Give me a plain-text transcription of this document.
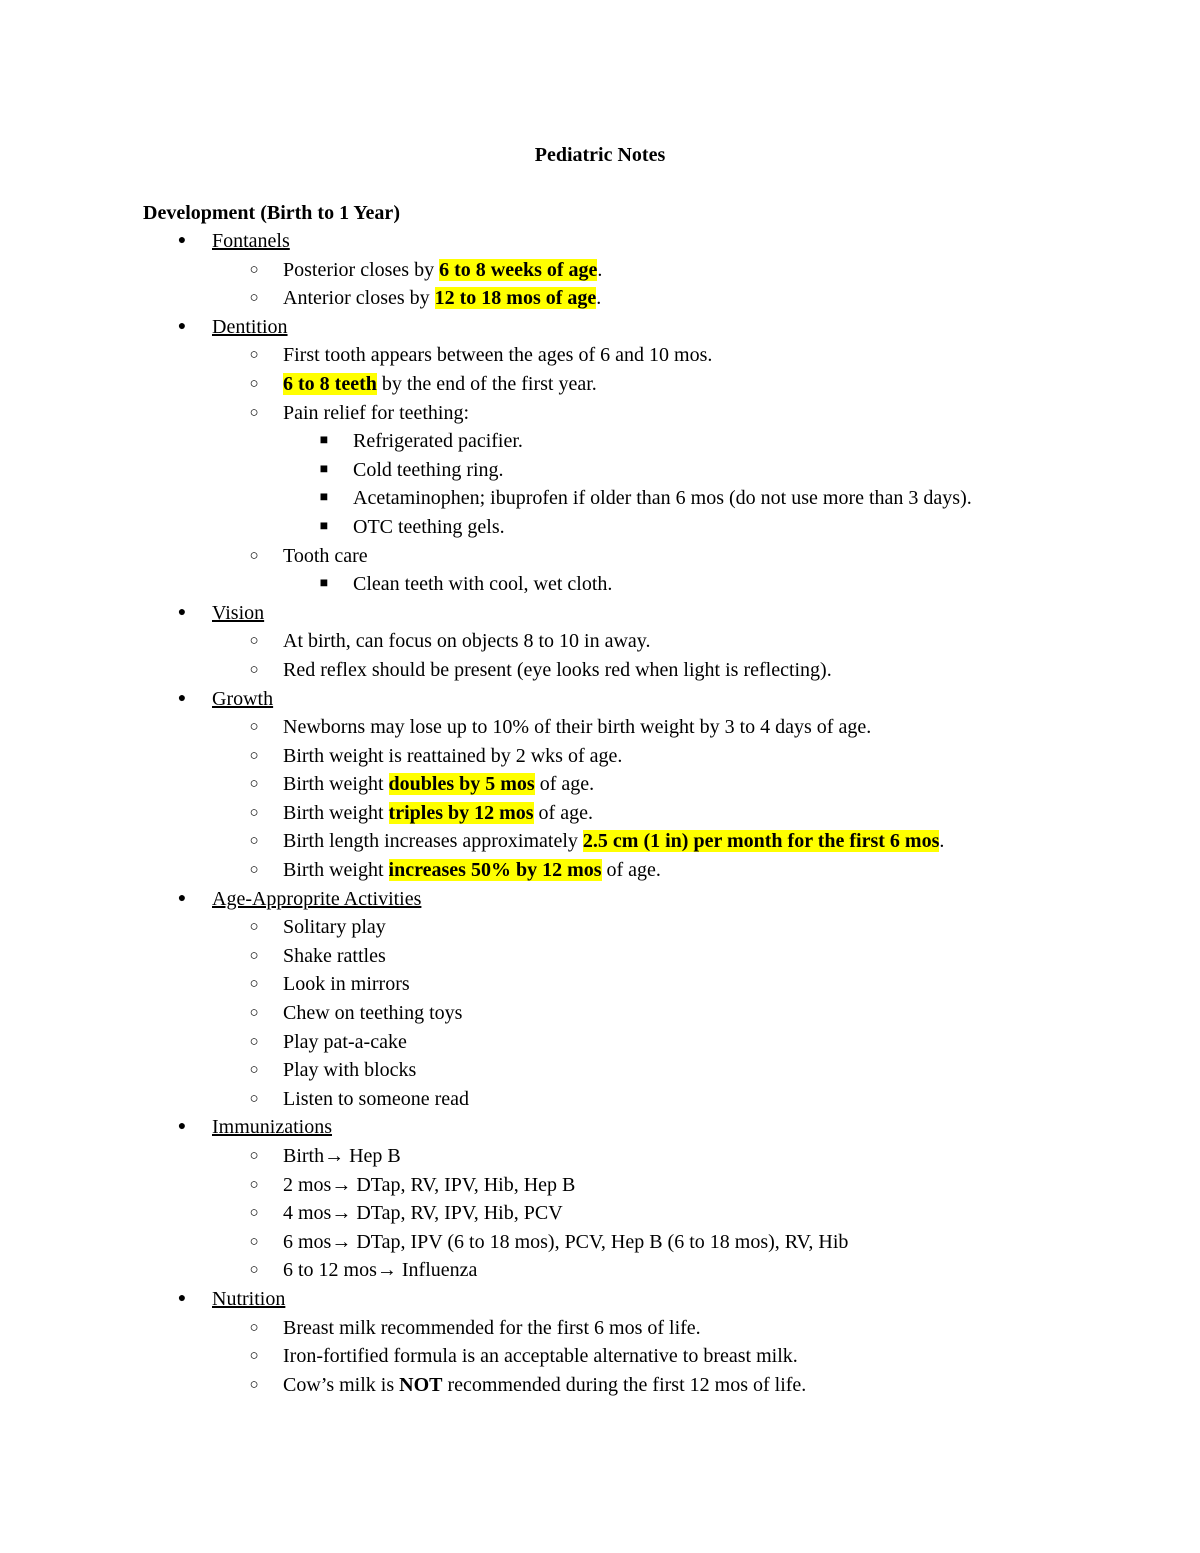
Pediatric Notes
Development (Birth to 1 Year)
● Fontanels
○ Posterior closes by 6 to 8 weeks of age.
○ Anterior closes by 12 to 18 mos of age.
● Dentition
○ First tooth appears between the ages of 6 and 10 mos.
○ 6 to 8 teeth by the end of the first year.
○ Pain relief for teething:
■ Refrigerated pacifier.
■ Cold teething ring.
■ Acetaminophen; ibuprofen if older than 6 mos (do not use more than 3 days).
■ OTC teething gels.
○ Tooth care
■ Clean teeth with cool, wet cloth.
● Vision
○ At birth, can focus on objects 8 to 10 in away.
○ Red reflex should be present (eye looks red when light is reflecting).
● Growth
○ Newborns may lose up to 10% of their birth weight by 3 to 4 days of age.
○ Birth weight is reattained by 2 wks of age.
○ Birth weight doubles by 5 mos of age.
○ Birth weight triples by 12 mos of age.
○ Birth length increases approximately 2.5 cm (1 in) per month for the first 6 mos.
○ Birth weight increases 50% by 12 mos of age.
● Age-Approprite Activities
○ Solitary play
○ Shake rattles
○ Look in mirrors
○ Chew on teething toys
○ Play pat-a-cake
○ Play with blocks
○ Listen to someone read
● Immunizations
○ Birth→ Hep B
○ 2 mos→ DTap, RV, IPV, Hib, Hep B
○ 4 mos→ DTap, RV, IPV, Hib, PCV
○ 6 mos→ DTap, IPV (6 to 18 mos), PCV, Hep B (6 to 18 mos), RV, Hib
○ 6 to 12 mos→ Influenza
● Nutrition
○ Breast milk recommended for the first 6 mos of life.
○ Iron-fortified formula is an acceptable alternative to breast milk.
○ Cow’s milk is NOT recommended during the first 12 mos of life.
